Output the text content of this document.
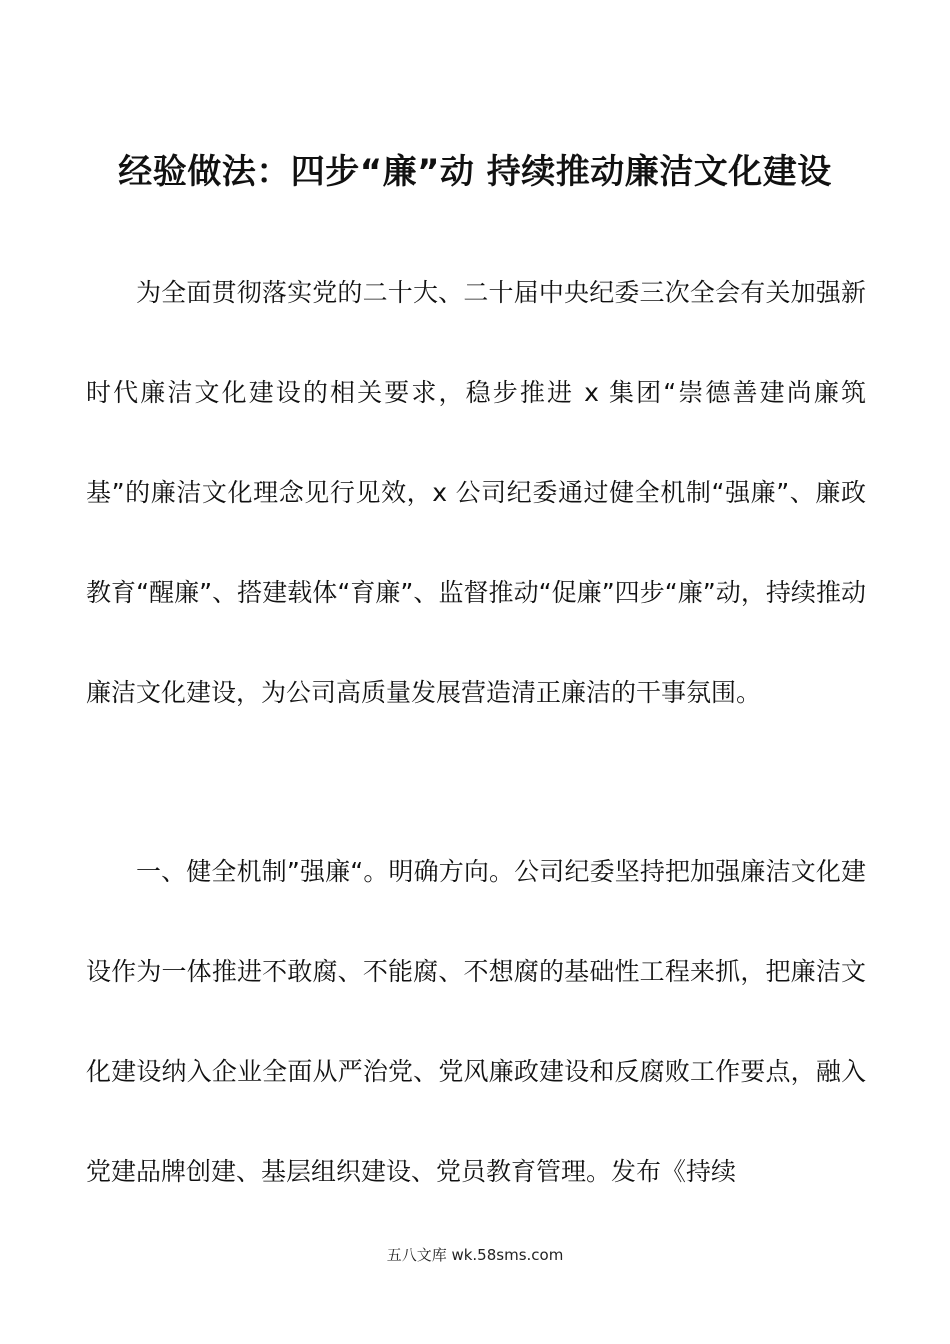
经验做法：四步“廉”动 持续推动廉洁文化建设

为全面贯彻落实党的二十大、二十届中央纪委三次全会有关加强新时代廉洁文化建设的相关要求，稳步推进 x 集团“崇德善建尚廉筑基”的廉洁文化理念见行见效，x 公司纪委通过健全机制“强廉”、廉政教育“醒廉”、搭建载体“育廉”、监督推动“促廉”四步“廉”动，持续推动廉洁文化建设，为公司高质量发展营造清正廉洁的干事氛围。

一、健全机制”强廉“。明确方向。公司纪委坚持把加强廉洁文化建设作为一体推进不敢腐、不能腐、不想腐的基础性工程来抓，把廉洁文化建设纳入企业全面从严治党、党风廉政建设和反腐败工作要点，融入党建品牌创建、基层组织建设、党员教育管理。发布《持续

五八文库 wk.58sms.com
